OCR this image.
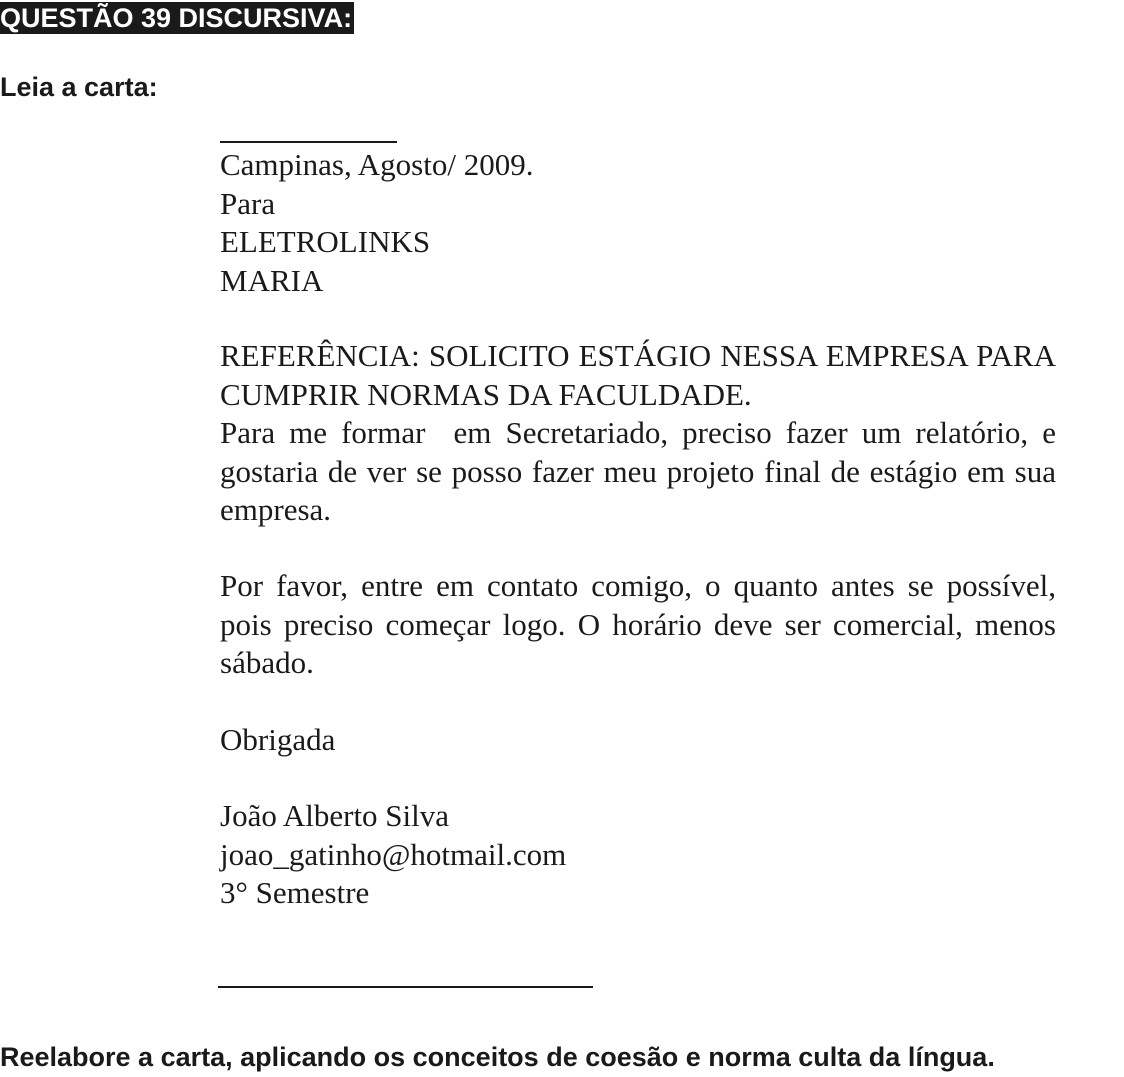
QUESTÃO 39 DISCURSIVA:
Leia a carta:
Campinas, Agosto/ 2009.
Para
ELETROLINKS
MARIA
REFERÊNCIA: SOLICITO ESTÁGIO NESSA EMPRESA PARA CUMPRIR NORMAS DA FACULDADE.
Para me formar  em Secretariado, preciso fazer um relatório, e gostaria de ver se posso fazer meu projeto final de estágio em sua empresa.
Por favor, entre em contato comigo, o quanto antes se possível, pois preciso começar logo. O horário deve ser comercial, menos sábado.
Obrigada
João Alberto Silva
joao_gatinho@hotmail.com
3° Semestre
Reelabore a carta, aplicando os conceitos de coesão e norma culta da língua.
